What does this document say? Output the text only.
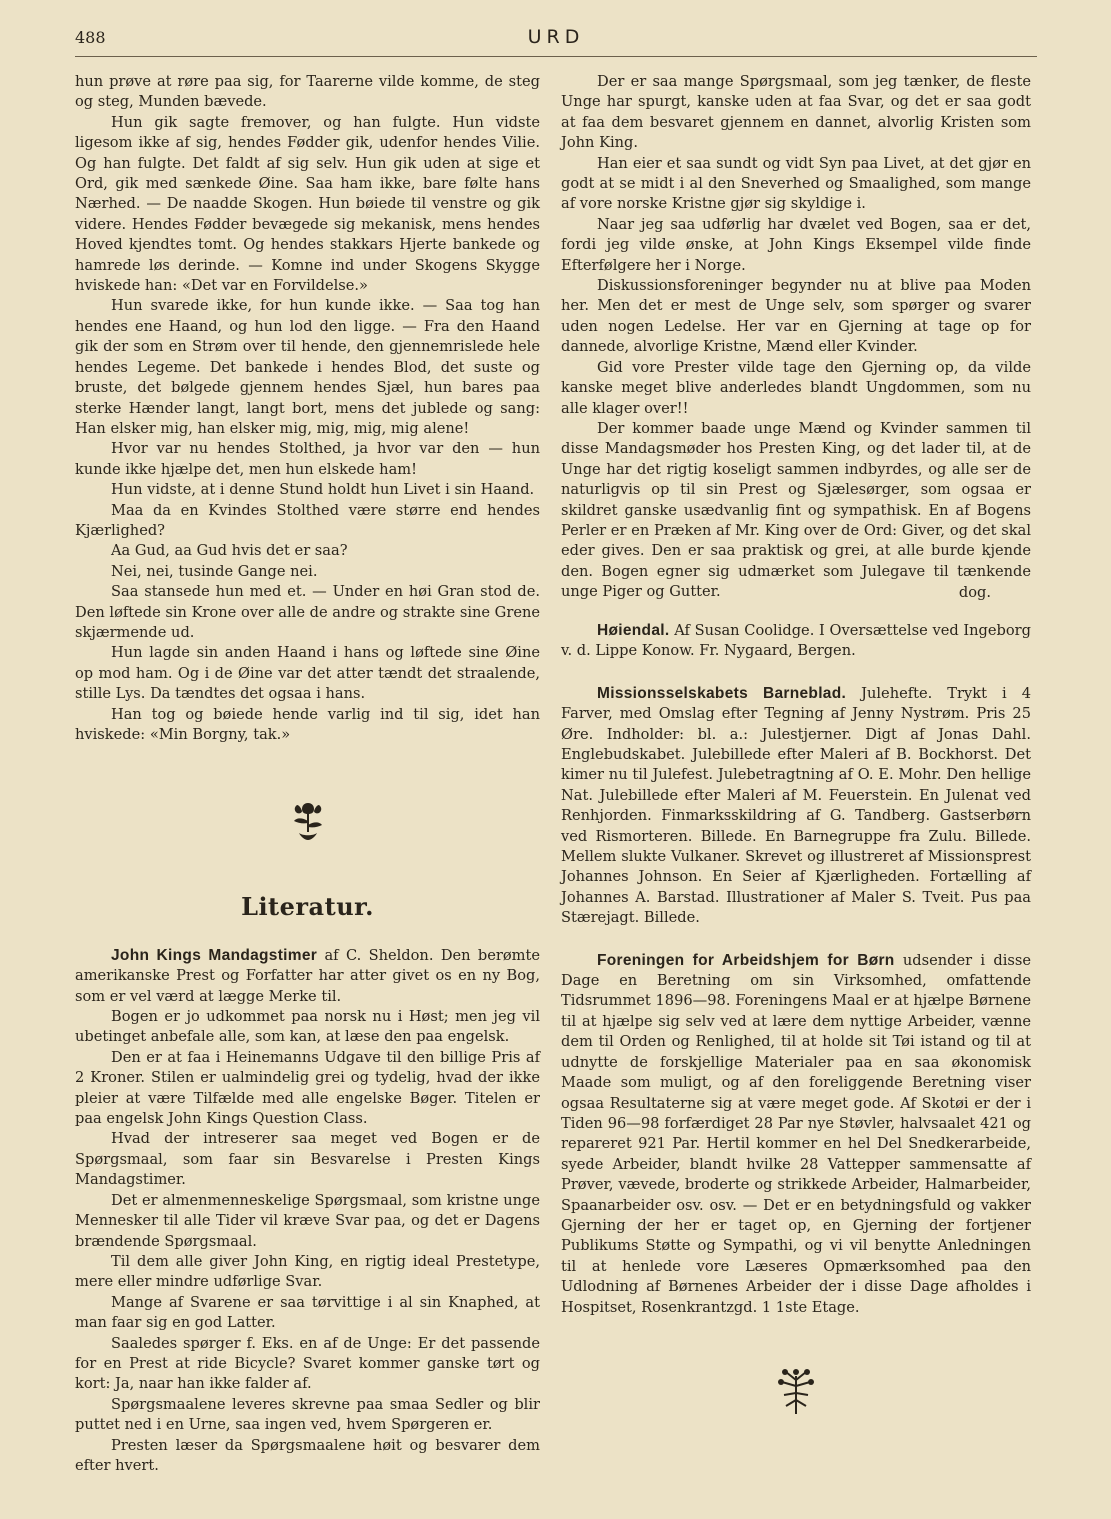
488	URD

hun prøve at røre paa sig, for Taarerne vilde komme, de steg og steg, Munden bævede.

Hun gik sagte fremover, og han fulgte. Hun vidste ligesom ikke af sig, hendes Fødder gik, udenfor hendes Vilie. Og han fulgte. Det faldt af sig selv. Hun gik uden at sige et Ord, gik med sænkede Øine. Saa ham ikke, bare følte hans Nærhed. — De naadde Skogen. Hun bøiede til venstre og gik videre. Hendes Fødder bevægede sig mekanisk, mens hendes Hoved kjendtes tomt. Og hendes stakkars Hjerte bankede og hamrede løs derinde. — Komne ind under Skogens Skygge hviskede han: «Det var en Forvildelse.»

Hun svarede ikke, for hun kunde ikke. — Saa tog han hendes ene Haand, og hun lod den ligge. — Fra den Haand gik der som en Strøm over til hende, den gjennemrislede hele hendes Legeme. Det bankede i hendes Blod, det suste og bruste, det bølgede gjennem hendes Sjæl, hun bares paa sterke Hænder langt, langt bort, mens det jublede og sang: Han elsker mig, han elsker mig, mig, mig, mig alene!

Hvor var nu hendes Stolthed, ja hvor var den — hun kunde ikke hjælpe det, men hun elskede ham!

Hun vidste, at i denne Stund holdt hun Livet i sin Haand.

Maa da en Kvindes Stolthed være større end hendes Kjærlighed?

Aa Gud, aa Gud hvis det er saa?

Nei, nei, tusinde Gange nei.

Saa stansede hun med et. — Under en høi Gran stod de. Den løftede sin Krone over alle de andre og strakte sine Grene skjærmende ud.

Hun lagde sin anden Haand i hans og løftede sine Øine op mod ham. Og i de Øine var det atter tændt det straalende, stille Lys. Da tændtes det ogsaa i hans.

Han tog og bøiede hende varlig ind til sig, idet han hviskede: «Min Borgny, tak.»

Literatur.

John Kings Mandagstimer af C. Sheldon. Den berømte amerikanske Prest og Forfatter har atter givet os en ny Bog, som er vel værd at lægge Merke til.

Bogen er jo udkommet paa norsk nu i Høst; men jeg vil ubetinget anbefale alle, som kan, at læse den paa engelsk.

Den er at faa i Heinemanns Udgave til den billige Pris af 2 Kroner. Stilen er ualmindelig grei og tydelig, hvad der ikke pleier at være Tilfælde med alle engelske Bøger. Titelen er paa engelsk John Kings Question Class.

Hvad der intreserer saa meget ved Bogen er de Spørgsmaal, som faar sin Besvarelse i Presten Kings Mandagstimer.

Det er almenmenneskelige Spørgsmaal, som kristne unge Mennesker til alle Tider vil kræve Svar paa, og det er Dagens brændende Spørgsmaal.

Til dem alle giver John King, en rigtig ideal Prestetype, mere eller mindre udførlige Svar.

Mange af Svarene er saa tørvittige i al sin Knaphed, at man faar sig en god Latter.

Saaledes spørger f. Eks. en af de Unge: Er det passende for en Prest at ride Bicycle? Svaret kommer ganske tørt og kort: Ja, naar han ikke falder af.

Spørgsmaalene leveres skrevne paa smaa Sedler og blir puttet ned i en Urne, saa ingen ved, hvem Spørgeren er.

Presten læser da Spørgsmaalene høit og besvarer dem efter hvert.

Der er saa mange Spørgsmaal, som jeg tænker, de fleste Unge har spurgt, kanske uden at faa Svar, og det er saa godt at faa dem besvaret gjennem en dannet, alvorlig Kristen som John King.

Han eier et saa sundt og vidt Syn paa Livet, at det gjør en godt at se midt i al den Sneverhed og Smaalighed, som mange af vore norske Kristne gjør sig skyldige i.

Naar jeg saa udførlig har dvælet ved Bogen, saa er det, fordi jeg vilde ønske, at John Kings Eksempel vilde finde Efterfølgere her i Norge.

Diskussionsforeninger begynder nu at blive paa Moden her. Men det er mest de Unge selv, som spørger og svarer uden nogen Ledelse. Her var en Gjerning at tage op for dannede, alvorlige Kristne, Mænd eller Kvinder.

Gid vore Prester vilde tage den Gjerning op, da vilde kanske meget blive anderledes blandt Ungdommen, som nu alle klager over!!

Der kommer baade unge Mænd og Kvinder sammen til disse Mandagsmøder hos Presten King, og det lader til, at de Unge har det rigtig koseligt sammen indbyrdes, og alle ser de naturligvis op til sin Prest og Sjælesørger, som ogsaa er skildret ganske usædvanlig fint og sympathisk. En af Bogens Perler er en Præken af Mr. King over de Ord: Giver, og det skal eder gives. Den er saa praktisk og grei, at alle burde kjende den. Bogen egner sig udmærket som Julegave til tænkende unge Piger og Gutter.	dog.

Høiendal. Af Susan Coolidge. I Oversættelse ved Ingeborg v. d. Lippe Konow. Fr. Nygaard, Bergen.

Missionsselskabets Barneblad. Julehefte. Trykt i 4 Farver, med Omslag efter Tegning af Jenny Nystrøm. Pris 25 Øre. Indholder: bl. a.: Julestjerner. Digt af Jonas Dahl. Englebudskabet. Julebillede efter Maleri af B. Bockhorst. Det kimer nu til Julefest. Julebetragtning af O. E. Mohr. Den hellige Nat. Julebillede efter Maleri af M. Feuerstein. En Julenat ved Renhjorden. Finmarksskildring af G. Tandberg. Gastserbørn ved Rismorteren. Billede. En Barnegruppe fra Zulu. Billede. Mellem slukte Vulkaner. Skrevet og illustreret af Missionsprest Johannes Johnson. En Seier af Kjærligheden. Fortælling af Johannes A. Barstad. Illustrationer af Maler S. Tveit. Pus paa Stærejagt. Billede.

Foreningen for Arbeidshjem for Børn udsender i disse Dage en Beretning om sin Virksomhed, omfattende Tidsrummet 1896—98. Foreningens Maal er at hjælpe Børnene til at hjælpe sig selv ved at lære dem nyttige Arbeider, vænne dem til Orden og Renlighed, til at holde sit Tøi istand og til at udnytte de forskjellige Materialer paa en saa økonomisk Maade som muligt, og af den foreliggende Beretning viser ogsaa Resultaterne sig at være meget gode. Af Skotøi er der i Tiden 96—98 forfærdiget 28 Par nye Støvler, halvsaalet 421 og repareret 921 Par. Hertil kommer en hel Del Snedkerarbeide, syede Arbeider, blandt hvilke 28 Vattepper sammensatte af Prøver, vævede, broderte og strikkede Arbeider, Halmarbeider, Spaanarbeider osv. osv. — Det er en betydningsfuld og vakker Gjerning der her er taget op, en Gjerning der fortjener Publikums Støtte og Sympathi, og vi vil benytte Anledningen til at henlede vore Læseres Opmærksomhed paa den Udlodning af Børnenes Arbeider der i disse Dage afholdes i Hospitset, Rosenkrantzgd. 1 1ste Etage.
